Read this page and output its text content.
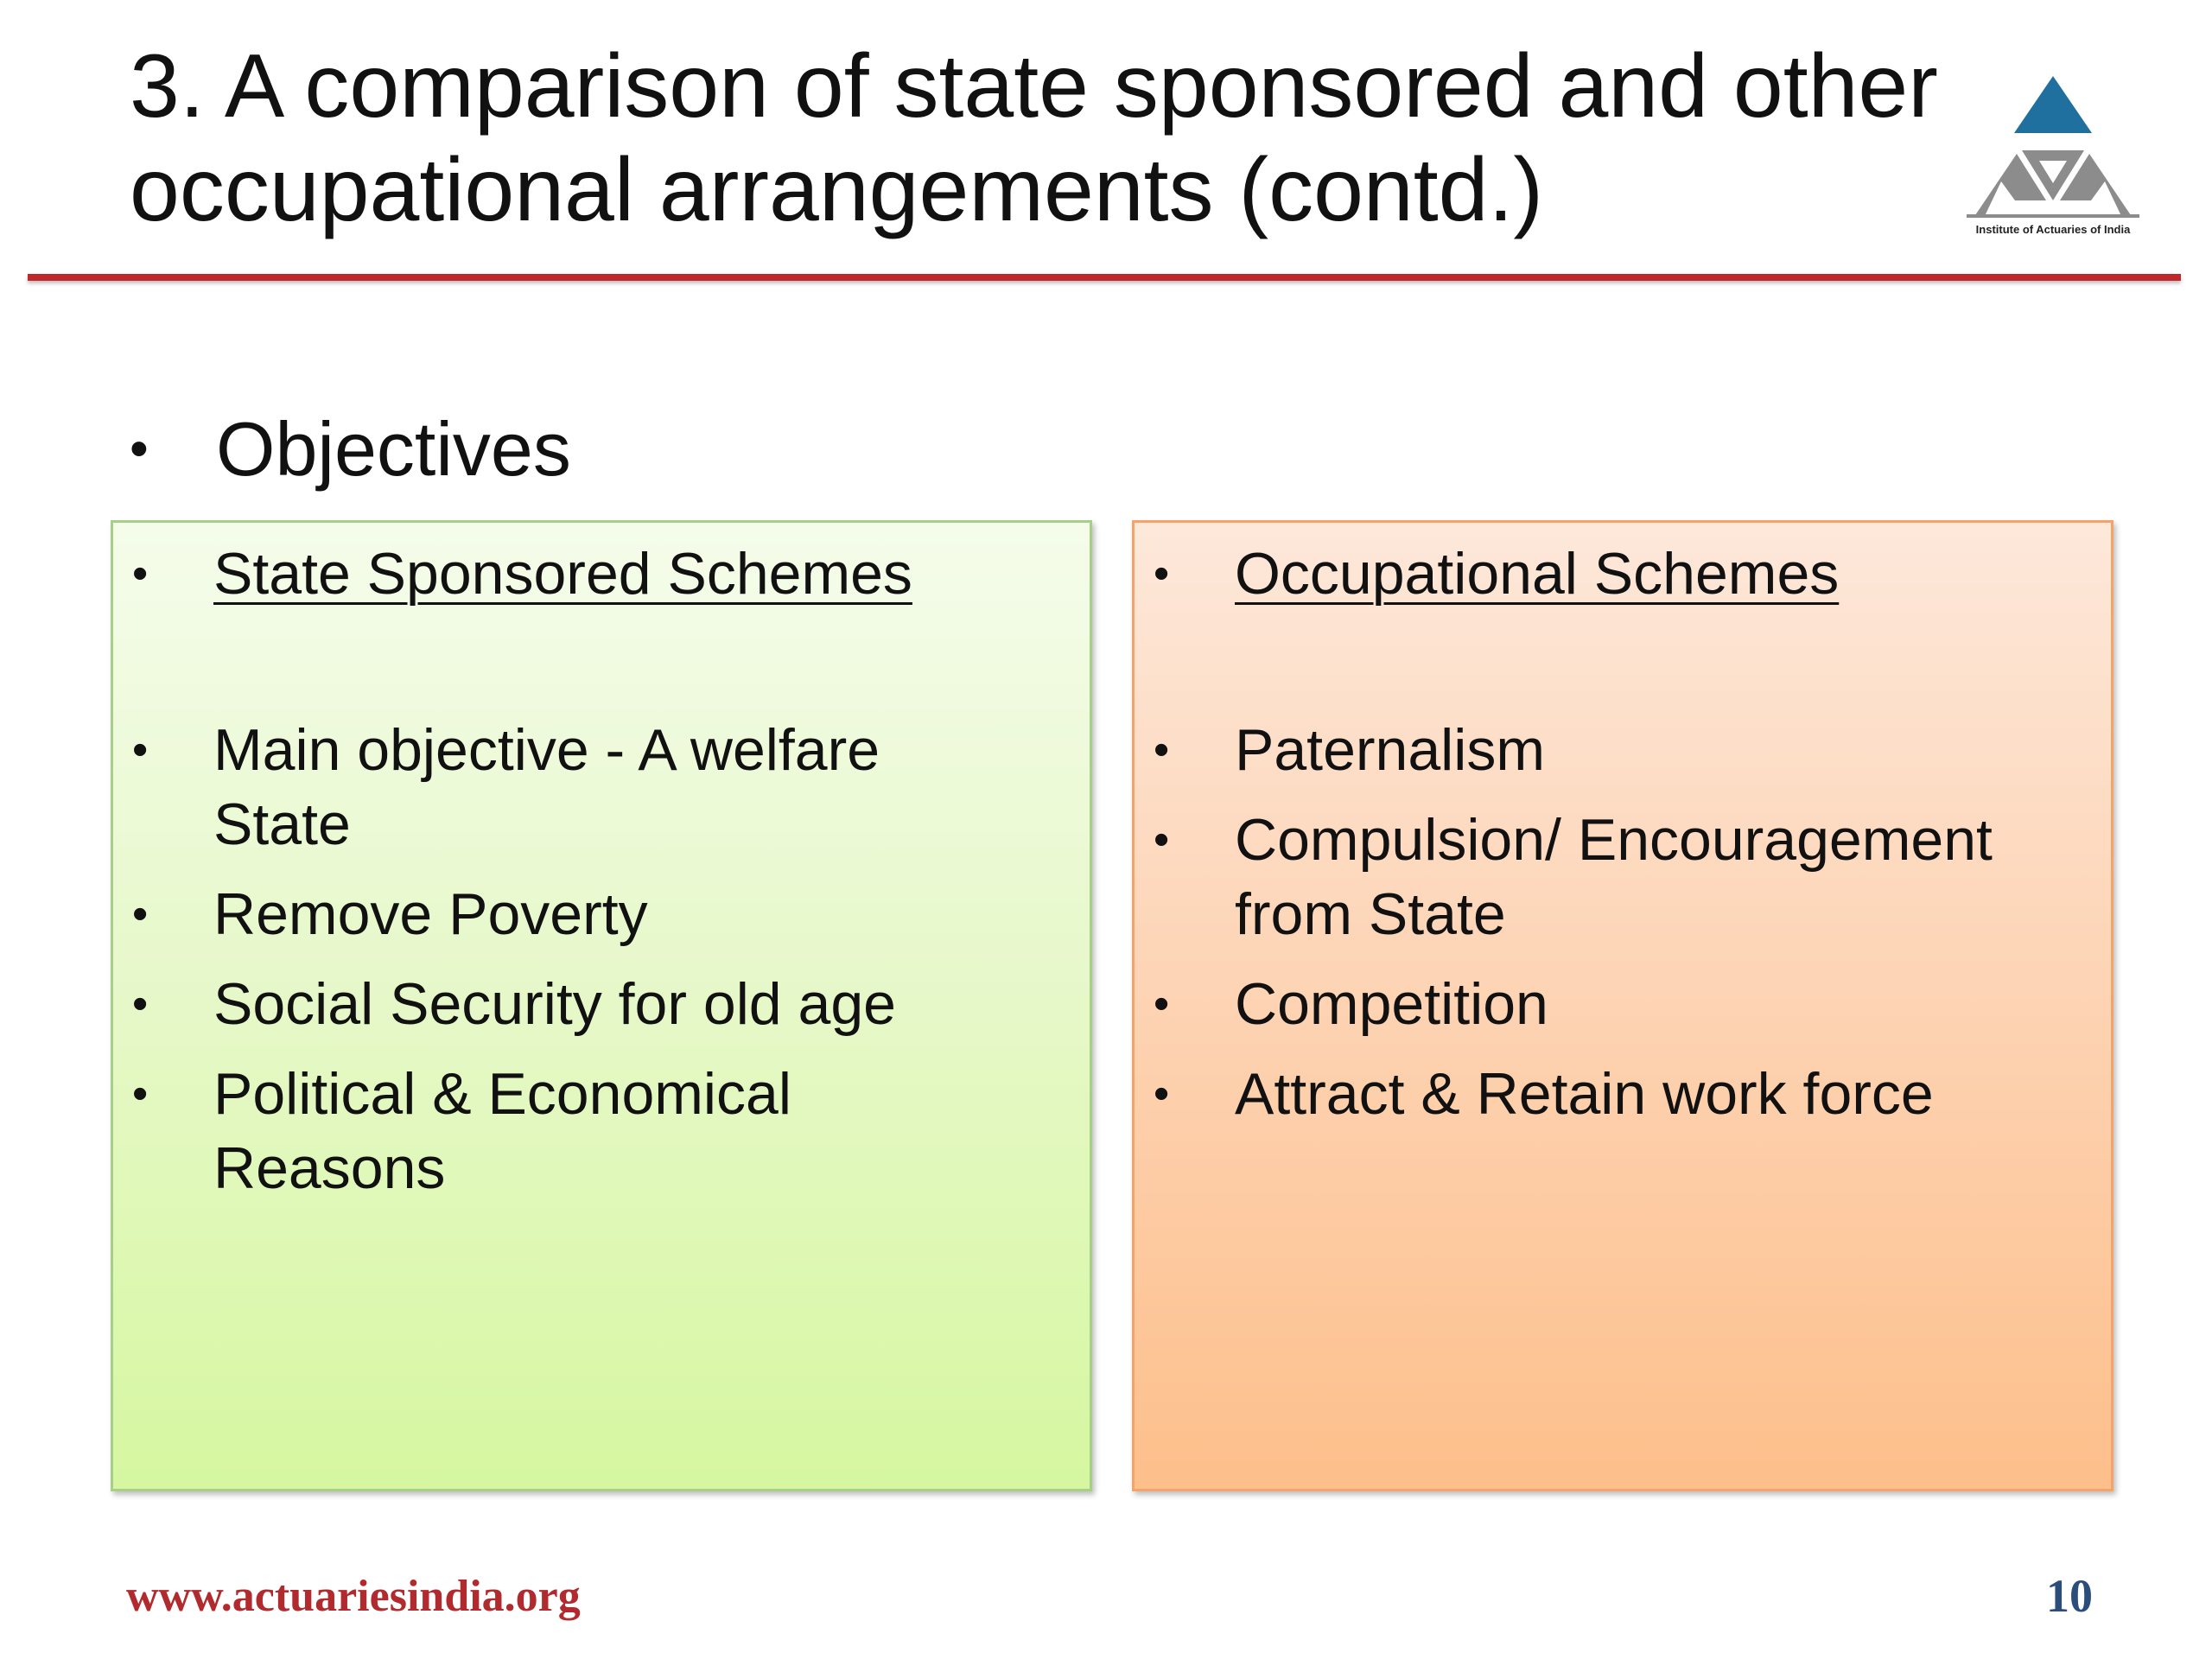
3. A comparison of state sponsored and other
occupational arrangements (contd.)	Institute of Actuaries of India
• Objectives
•	State Sponsored Schemes
•	Main objective - A welfare State
•	Remove Poverty
•	Social Security for old age
•	Political & Economical Reasons
•	Occupational Schemes
•	Paternalism
•	Compulsion/ Encouragement from State
•	Competition
•	Attract & Retain work force
www.actuariesindia.org	10
